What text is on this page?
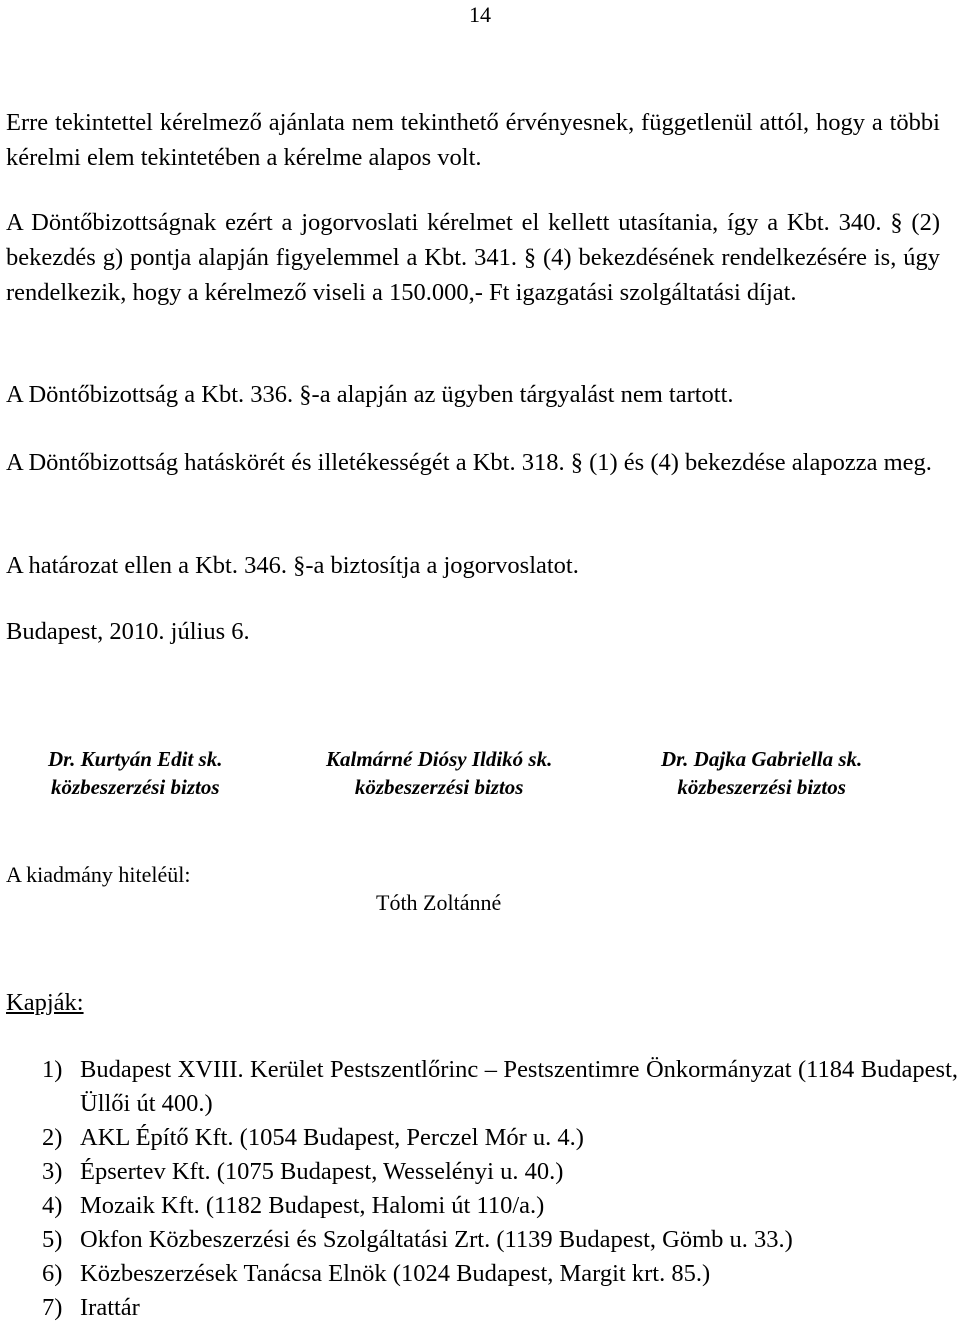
14

Erre tekintettel kérelmező ajánlata nem tekinthető érvényesnek, függetlenül attól, hogy a többi kérelmi elem tekintetében a kérelme alapos volt.

A Döntőbizottságnak ezért a jogorvoslati kérelmet el kellett utasítania, így a Kbt. 340. § (2) bekezdés g) pontja alapján figyelemmel a Kbt. 341. § (4) bekezdésének rendelkezésére is, úgy rendelkezik, hogy a kérelmező viseli a 150.000,- Ft igazgatási szolgáltatási díjat.

A Döntőbizottság a Kbt. 336. §-a alapján az ügyben tárgyalást nem tartott.

A Döntőbizottság hatáskörét és illetékességét a Kbt. 318. § (1) és (4) bekezdése alapozza meg.

A határozat ellen a Kbt. 346. §-a biztosítja a jogorvoslatot.

Budapest, 2010. július 6.

Dr. Kurtyán Edit sk.
közbeszerzési biztos
Kalmárné Diósy Ildikó sk.
közbeszerzési biztos
Dr. Dajka Gabriella sk.
közbeszerzési biztos
A kiadmány hiteléül:
Tóth Zoltánné
Kapják:
1) Budapest XVIII. Kerület Pestszentlőrinc – Pestszentimre Önkormányzat (1184 Budapest, Üllői út 400.)
2) AKL Építő Kft. (1054 Budapest, Perczel Mór u. 4.)
3) Épsertev Kft. (1075 Budapest, Wesselényi u. 40.)
4) Mozaik Kft. (1182 Budapest, Halomi út 110/a.)
5) Okfon Közbeszerzési és Szolgáltatási Zrt. (1139 Budapest, Gömb u. 33.)
6) Közbeszerzések Tanácsa Elnök (1024 Budapest, Margit krt. 85.)
7) Irattár
